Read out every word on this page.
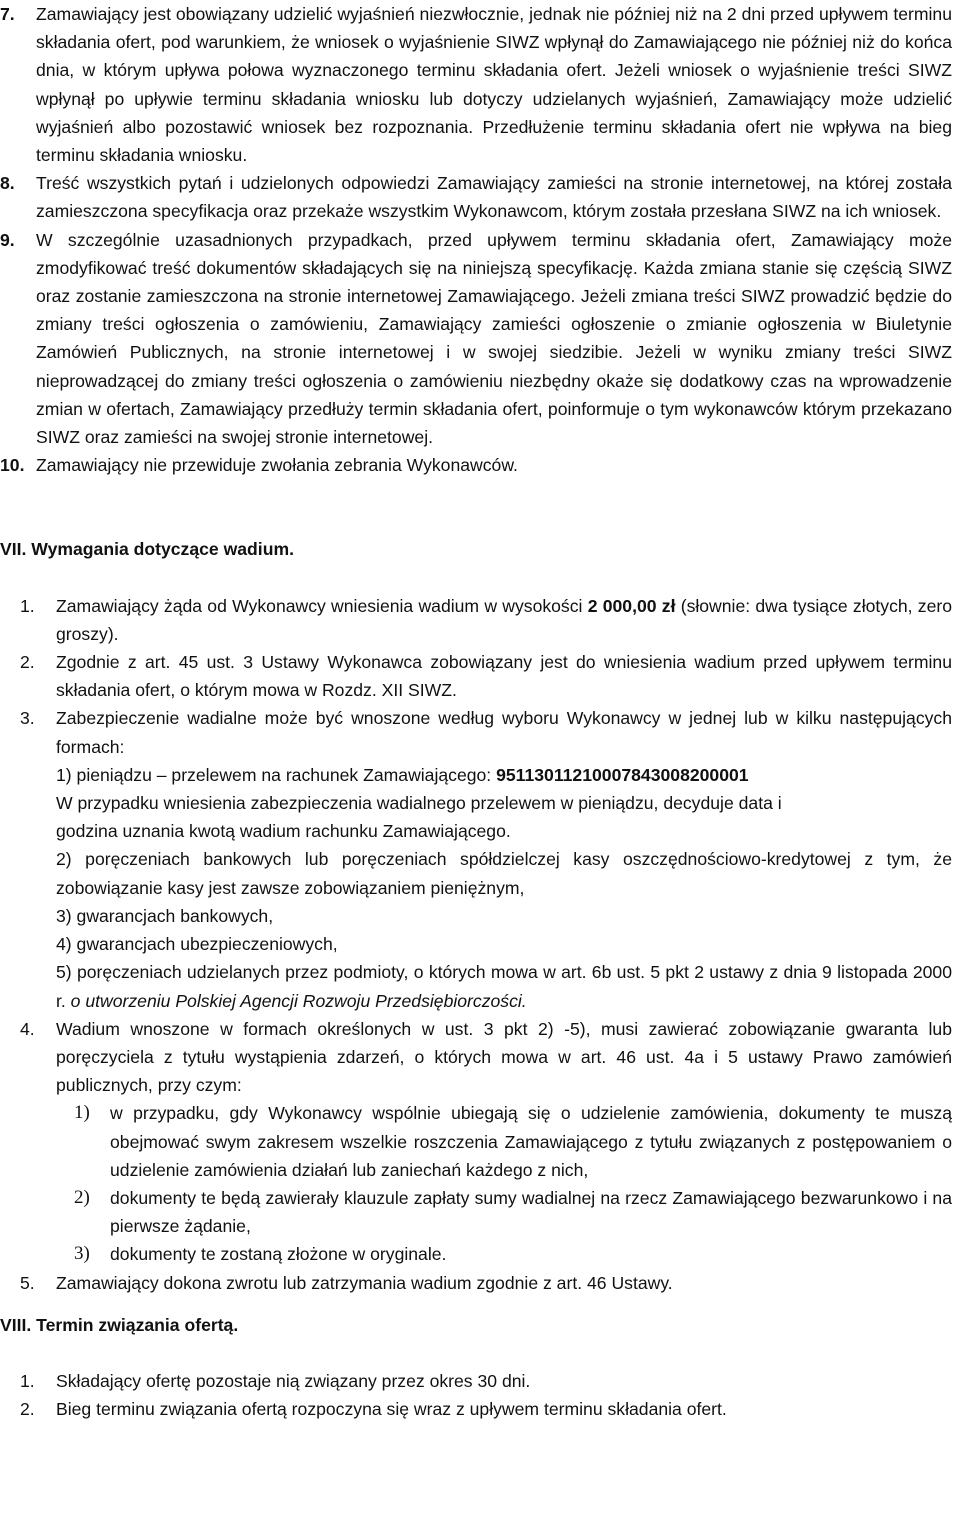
7. Zamawiający jest obowiązany udzielić wyjaśnień niezwłocznie, jednak nie później niż na 2 dni przed upływem terminu składania ofert, pod warunkiem, że wniosek o wyjaśnienie SIWZ wpłynął do Zamawiającego nie później niż do końca dnia, w którym upływa połowa wyznaczonego terminu składania ofert. Jeżeli wniosek o wyjaśnienie treści SIWZ wpłynął po upływie terminu składania wniosku lub dotyczy udzielanych wyjaśnień, Zamawiający może udzielić wyjaśnień albo pozostawić wniosek bez rozpoznania. Przedłużenie terminu składania ofert nie wpływa na bieg terminu składania wniosku.
8. Treść wszystkich pytań i udzielonych odpowiedzi Zamawiający zamieści na stronie internetowej, na której została zamieszczona specyfikacja oraz przekaże wszystkim Wykonawcom, którym została przesłana SIWZ na ich wniosek.
9. W szczególnie uzasadnionych przypadkach, przed upływem terminu składania ofert, Zamawiający może zmodyfikować treść dokumentów składających się na niniejszą specyfikację. Każda zmiana stanie się częścią SIWZ oraz zostanie zamieszczona na stronie internetowej Zamawiającego. Jeżeli zmiana treści SIWZ prowadzić będzie do zmiany treści ogłoszenia o zamówieniu, Zamawiający zamieści ogłoszenie o zmianie ogłoszenia w Biuletynie Zamówień Publicznych, na stronie internetowej i w swojej siedzibie. Jeżeli w wyniku zmiany treści SIWZ nieprowadzącej do zmiany treści ogłoszenia o zamówieniu niezbędny okaże się dodatkowy czas na wprowadzenie zmian w ofertach, Zamawiający przedłuży termin składania ofert, poinformuje o tym wykonawców którym przekazano SIWZ oraz zamieści na swojej stronie internetowej.
10. Zamawiający nie przewiduje zwołania zebrania Wykonawców.

VII. Wymagania dotyczące wadium.

1. Zamawiający żąda od Wykonawcy wniesienia wadium w wysokości 2 000,00 zł (słownie: dwa tysiące złotych, zero groszy).
2. Zgodnie z art. 45 ust. 3 Ustawy Wykonawca zobowiązany jest do wniesienia wadium przed upływem terminu składania ofert, o którym mowa w Rozdz. XII SIWZ.
3. Zabezpieczenie wadialne może być wnoszone według wyboru Wykonawcy w jednej lub w kilku następujących formach:
1) pieniądzu – przelewem na rachunek Zamawiającego: 95113011210007843008200001
W przypadku wniesienia zabezpieczenia wadialnego przelewem w pieniądzu, decyduje data i
godzina uznania kwotą wadium rachunku Zamawiającego.
2) poręczeniach bankowych lub poręczeniach spółdzielczej kasy oszczędnościowo-kredytowej z tym, że zobowiązanie kasy jest zawsze zobowiązaniem pieniężnym,
3) gwarancjach bankowych,
4) gwarancjach ubezpieczeniowych,
5) poręczeniach udzielanych przez podmioty, o których mowa w art. 6b ust. 5 pkt 2 ustawy z dnia 9 listopada 2000 r. o utworzeniu Polskiej Agencji Rozwoju Przedsiębiorczości.
4. Wadium wnoszone w formach określonych w ust. 3 pkt 2) -5), musi zawierać zobowiązanie gwaranta lub poręczyciela z tytułu wystąpienia zdarzeń, o których mowa w art. 46 ust. 4a i 5 ustawy Prawo zamówień publicznych, przy czym:
1) w przypadku, gdy Wykonawcy wspólnie ubiegają się o udzielenie zamówienia, dokumenty te muszą obejmować swym zakresem wszelkie roszczenia Zamawiającego z tytułu związanych z postępowaniem o udzielenie zamówienia działań lub zaniechań każdego z nich,
2) dokumenty te będą zawierały klauzule zapłaty sumy wadialnej na rzecz Zamawiającego bezwarunkowo i na pierwsze żądanie,
3) dokumenty te zostaną złożone w oryginale.
5. Zamawiający dokona zwrotu lub zatrzymania wadium zgodnie z art. 46 Ustawy.

VIII. Termin związania ofertą.

1. Składający ofertę pozostaje nią związany przez okres 30 dni.
2. Bieg terminu związania ofertą rozpoczyna się wraz z upływem terminu składania ofert.
